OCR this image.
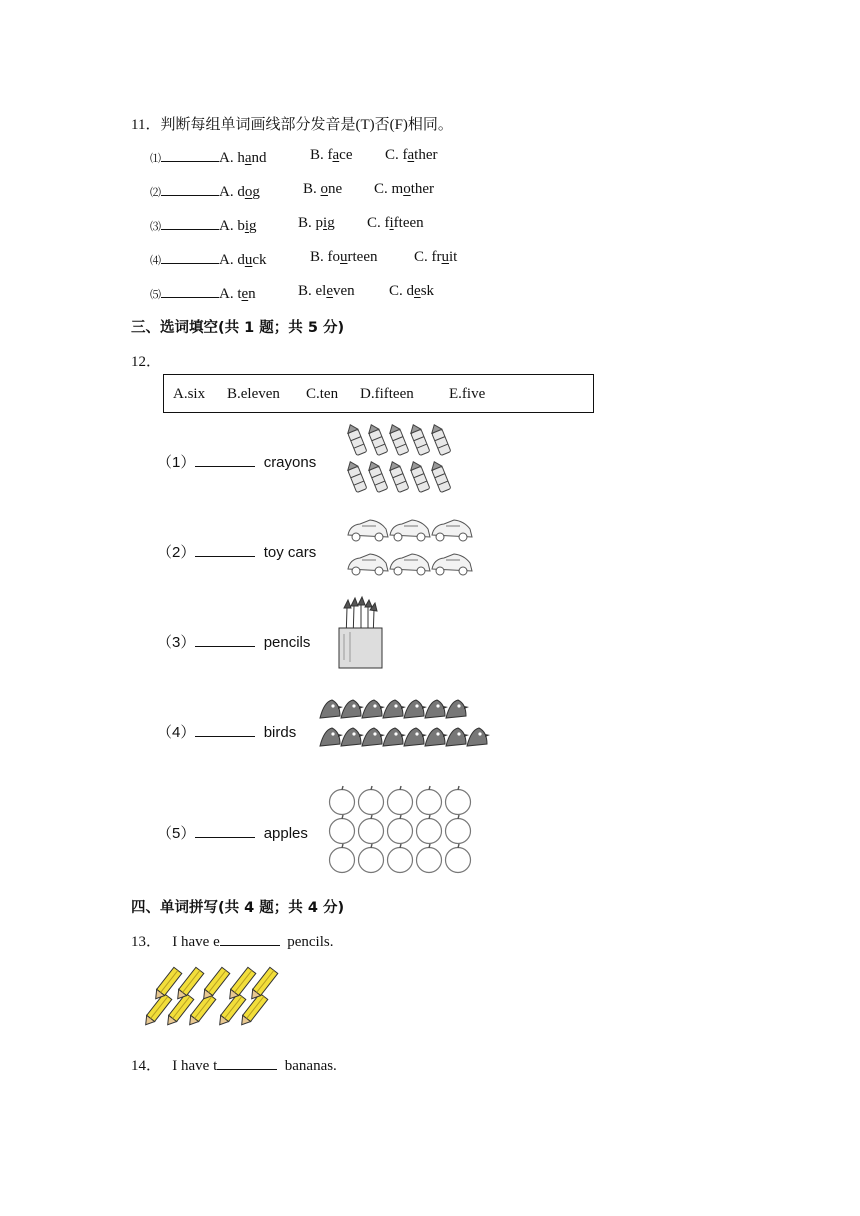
11．判断每组单词画线部分发音是(T)否(F)相同。
⑴	A. hand	B. face C. father
⑵	A. dog	B. one C. mother
⑶	A. big	B. pig C. fifteen
⑷	A. duck	B. fourteen C. fruit
⑸	A. ten	B. eleven C. desk
三、选词填空(共 1 题；共 5 分)
12．
A.six B.eleven C.ten D.fifteen E.five
（1）	crayons
（2）	toy cars
（3）	pencils
（4）	birds
（5）	apples
四、单词拼写(共 4 题；共 4 分)
13． I have e	pencils.
14． I have t	bananas.
